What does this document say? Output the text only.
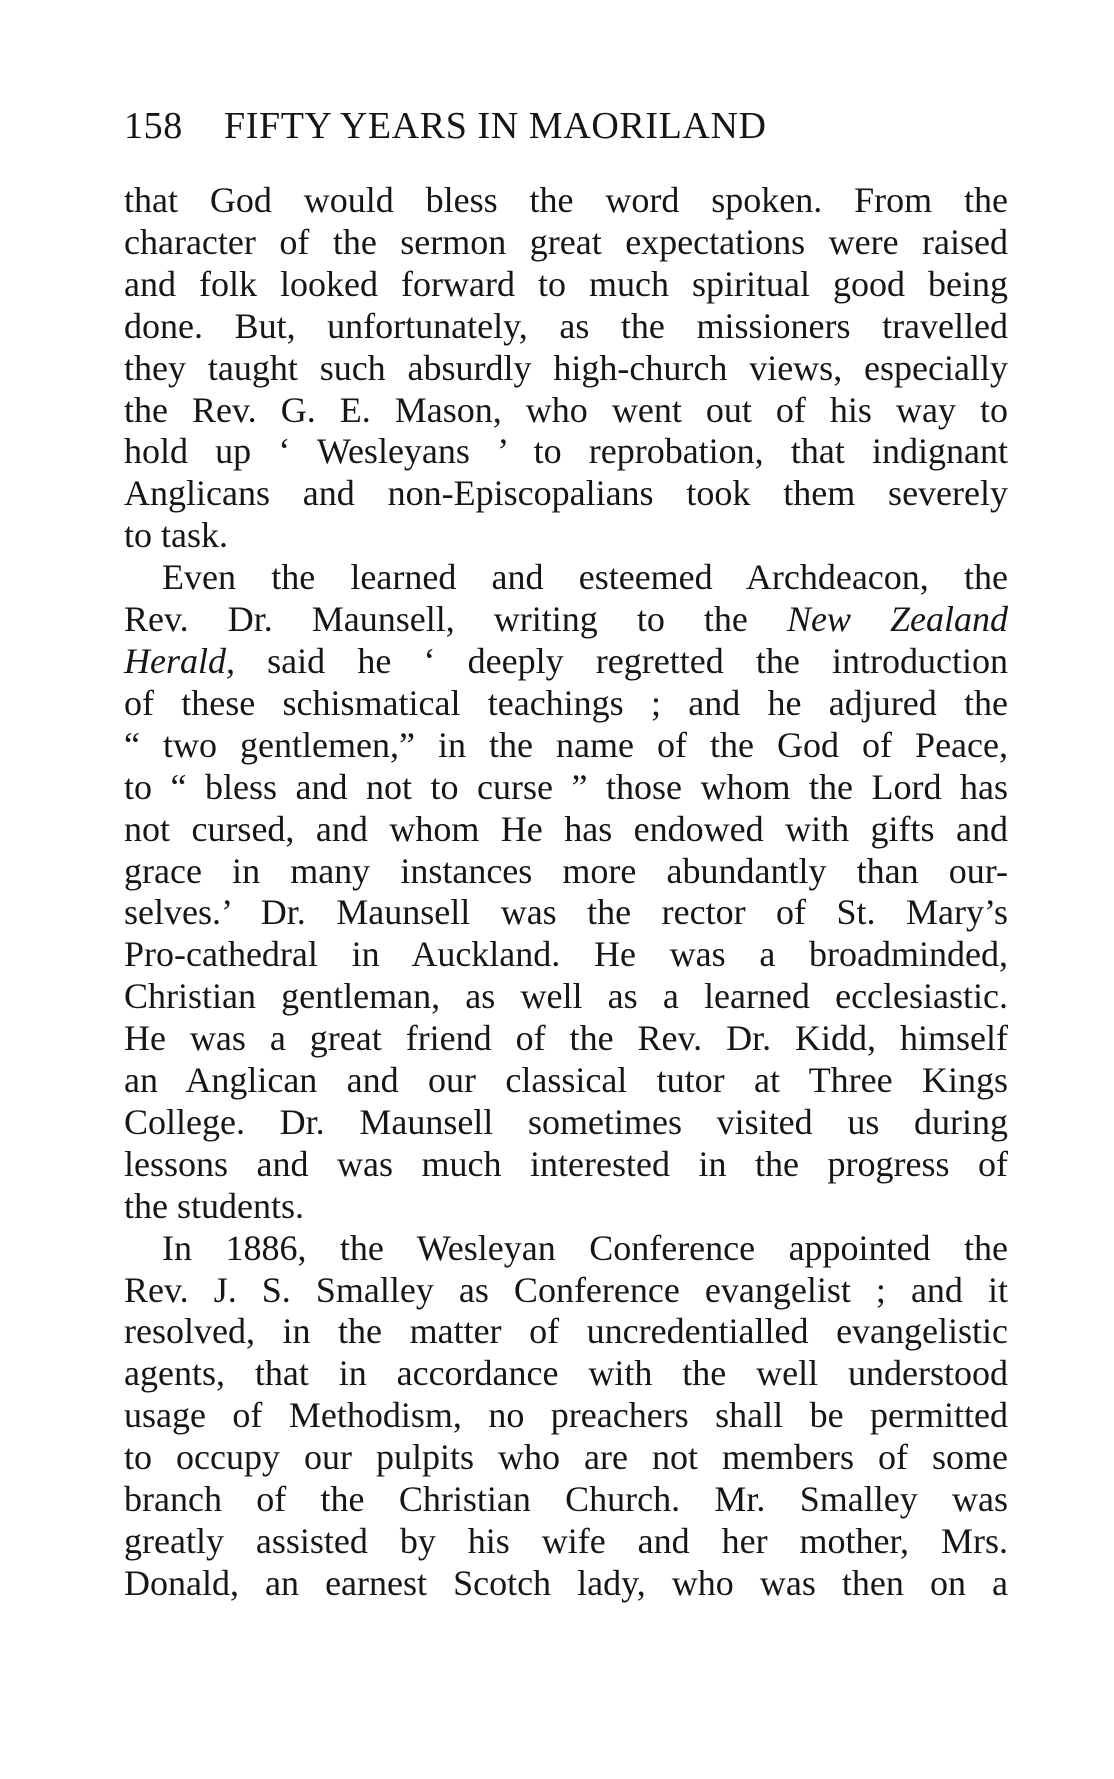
158 FIFTY YEARS IN MAORILAND
that God would bless the word spoken. From the
character of the sermon great expectations were raised
and folk looked forward to much spiritual good being
done. But, unfortunately, as the missioners travelled
they taught such absurdly high-church views, especially
the Rev. G. E. Mason, who went out of his way to
hold up ‘ Wesleyans ’ to reprobation, that indignant
Anglicans and non-Episcopalians took them severely
to task.
Even the learned and esteemed Archdeacon, the
Rev. Dr. Maunsell, writing to the New Zealand
Herald, said he ‘ deeply regretted the introduction
of these schismatical teachings ; and he adjured the
“ two gentlemen,” in the name of the God of Peace,
to “ bless and not to curse ” those whom the Lord has
not cursed, and whom He has endowed with gifts and
grace in many instances more abundantly than our-
selves.’ Dr. Maunsell was the rector of St. Mary’s
Pro-cathedral in Auckland. He was a broadminded,
Christian gentleman, as well as a learned ecclesiastic.
He was a great friend of the Rev. Dr. Kidd, himself
an Anglican and our classical tutor at Three Kings
College. Dr. Maunsell sometimes visited us during
lessons and was much interested in the progress of
the students.
In 1886, the Wesleyan Conference appointed the
Rev. J. S. Smalley as Conference evangelist ; and it
resolved, in the matter of uncredentialled evangelistic
agents, that in accordance with the well understood
usage of Methodism, no preachers shall be permitted
to occupy our pulpits who are not members of some
branch of the Christian Church. Mr. Smalley was
greatly assisted by his wife and her mother, Mrs.
Donald, an earnest Scotch lady, who was then on a
